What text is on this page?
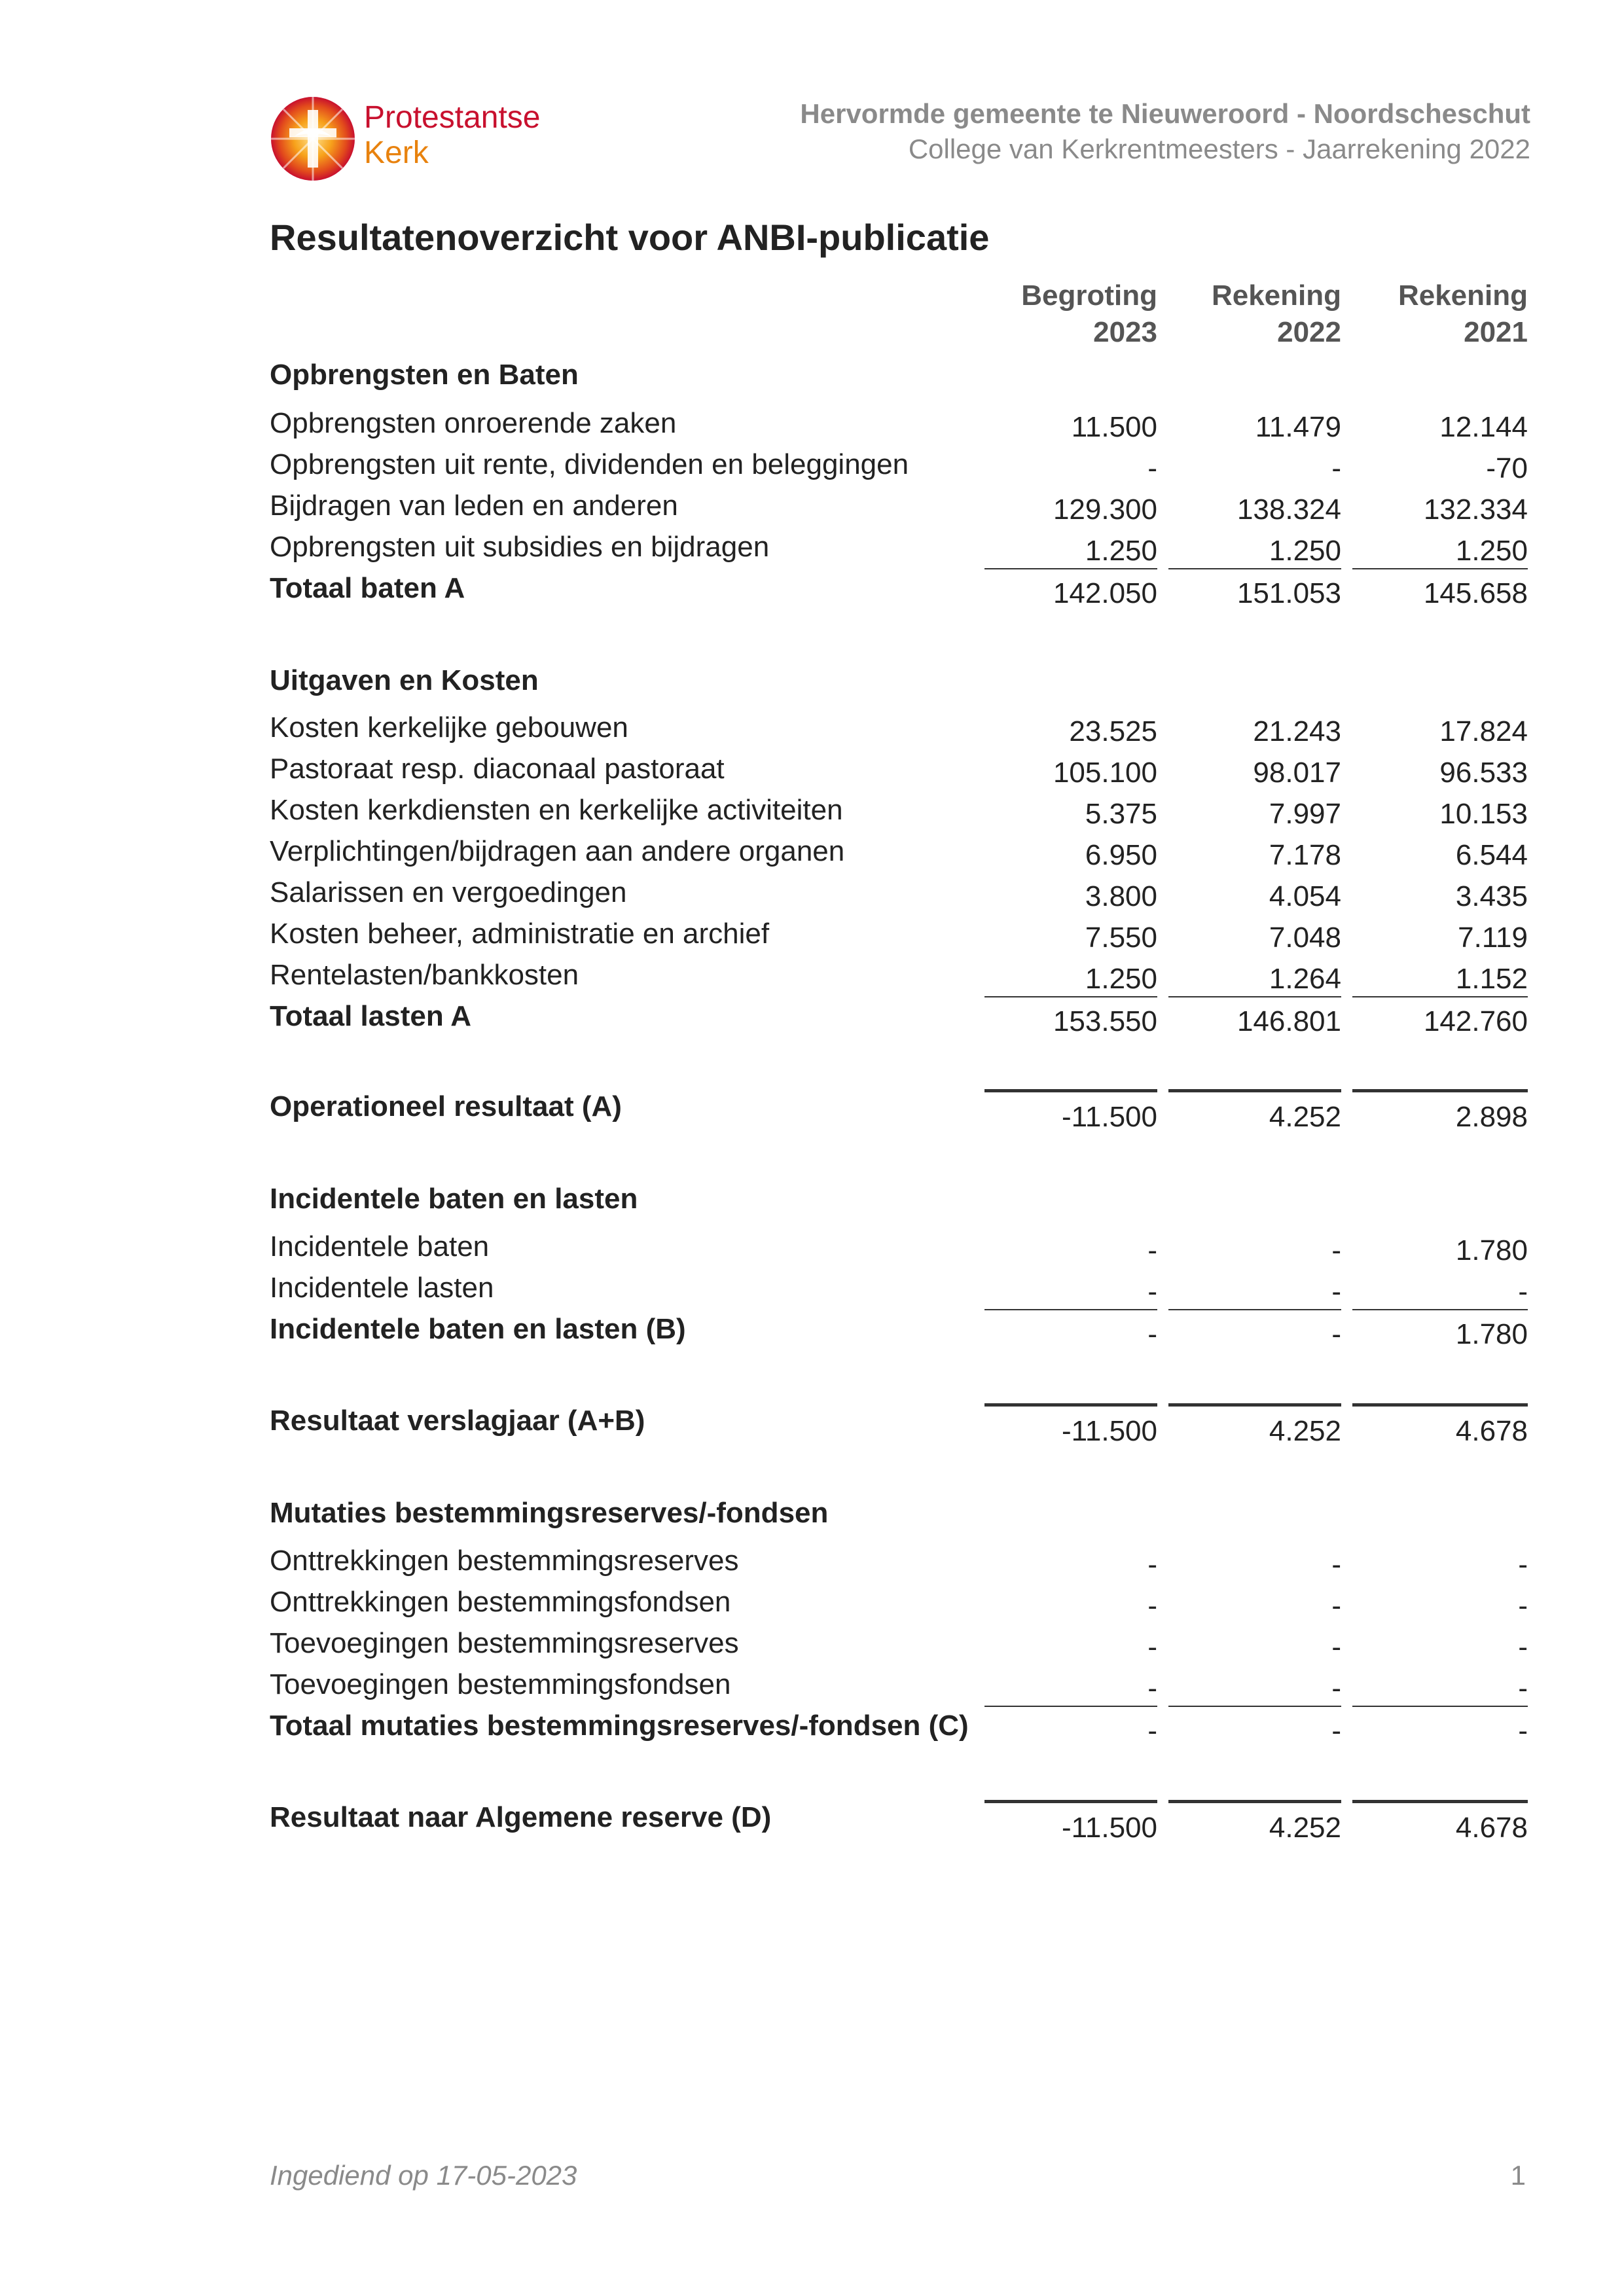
Protestantse
Kerk
Hervormde gemeente te Nieuweroord - Noordscheschut
College van Kerkrentmeesters - Jaarrekening 2022
Resultatenoverzicht voor ANBI-publicatie
Begroting
2023
Rekening
2022
Rekening
2021
Opbrengsten en Baten
Opbrengsten onroerende zaken	11.500	11.479	12.144
Opbrengsten uit rente, dividenden en beleggingen	-	-	-70
Bijdragen van leden en anderen	129.300	138.324	132.334
Opbrengsten uit subsidies en bijdragen	1.250	1.250	1.250
Totaal baten A	142.050	151.053	145.658
Uitgaven en Kosten
Kosten kerkelijke gebouwen	23.525	21.243	17.824
Pastoraat resp. diaconaal pastoraat	105.100	98.017	96.533
Kosten kerkdiensten en kerkelijke activiteiten	5.375	7.997	10.153
Verplichtingen/bijdragen aan andere organen	6.950	7.178	6.544
Salarissen en vergoedingen	3.800	4.054	3.435
Kosten beheer, administratie en archief	7.550	7.048	7.119
Rentelasten/bankkosten	1.250	1.264	1.152
Totaal lasten A	153.550	146.801	142.760
Operationeel resultaat (A)	-11.500	4.252	2.898
Incidentele baten en lasten
Incidentele baten	-	-	1.780
Incidentele lasten	-	-	-
Incidentele baten en lasten (B)	-	-	1.780
Resultaat verslagjaar (A+B)	-11.500	4.252	4.678
Mutaties bestemmingsreserves/-fondsen
Onttrekkingen bestemmingsreserves	-	-	-
Onttrekkingen bestemmingsfondsen	-	-	-
Toevoegingen bestemmingsreserves	-	-	-
Toevoegingen bestemmingsfondsen	-	-	-
Totaal mutaties bestemmingsreserves/-fondsen (C)	-	-	-
Resultaat naar Algemene reserve (D)	-11.500	4.252	4.678
Ingediend op 17-05-2023	1
